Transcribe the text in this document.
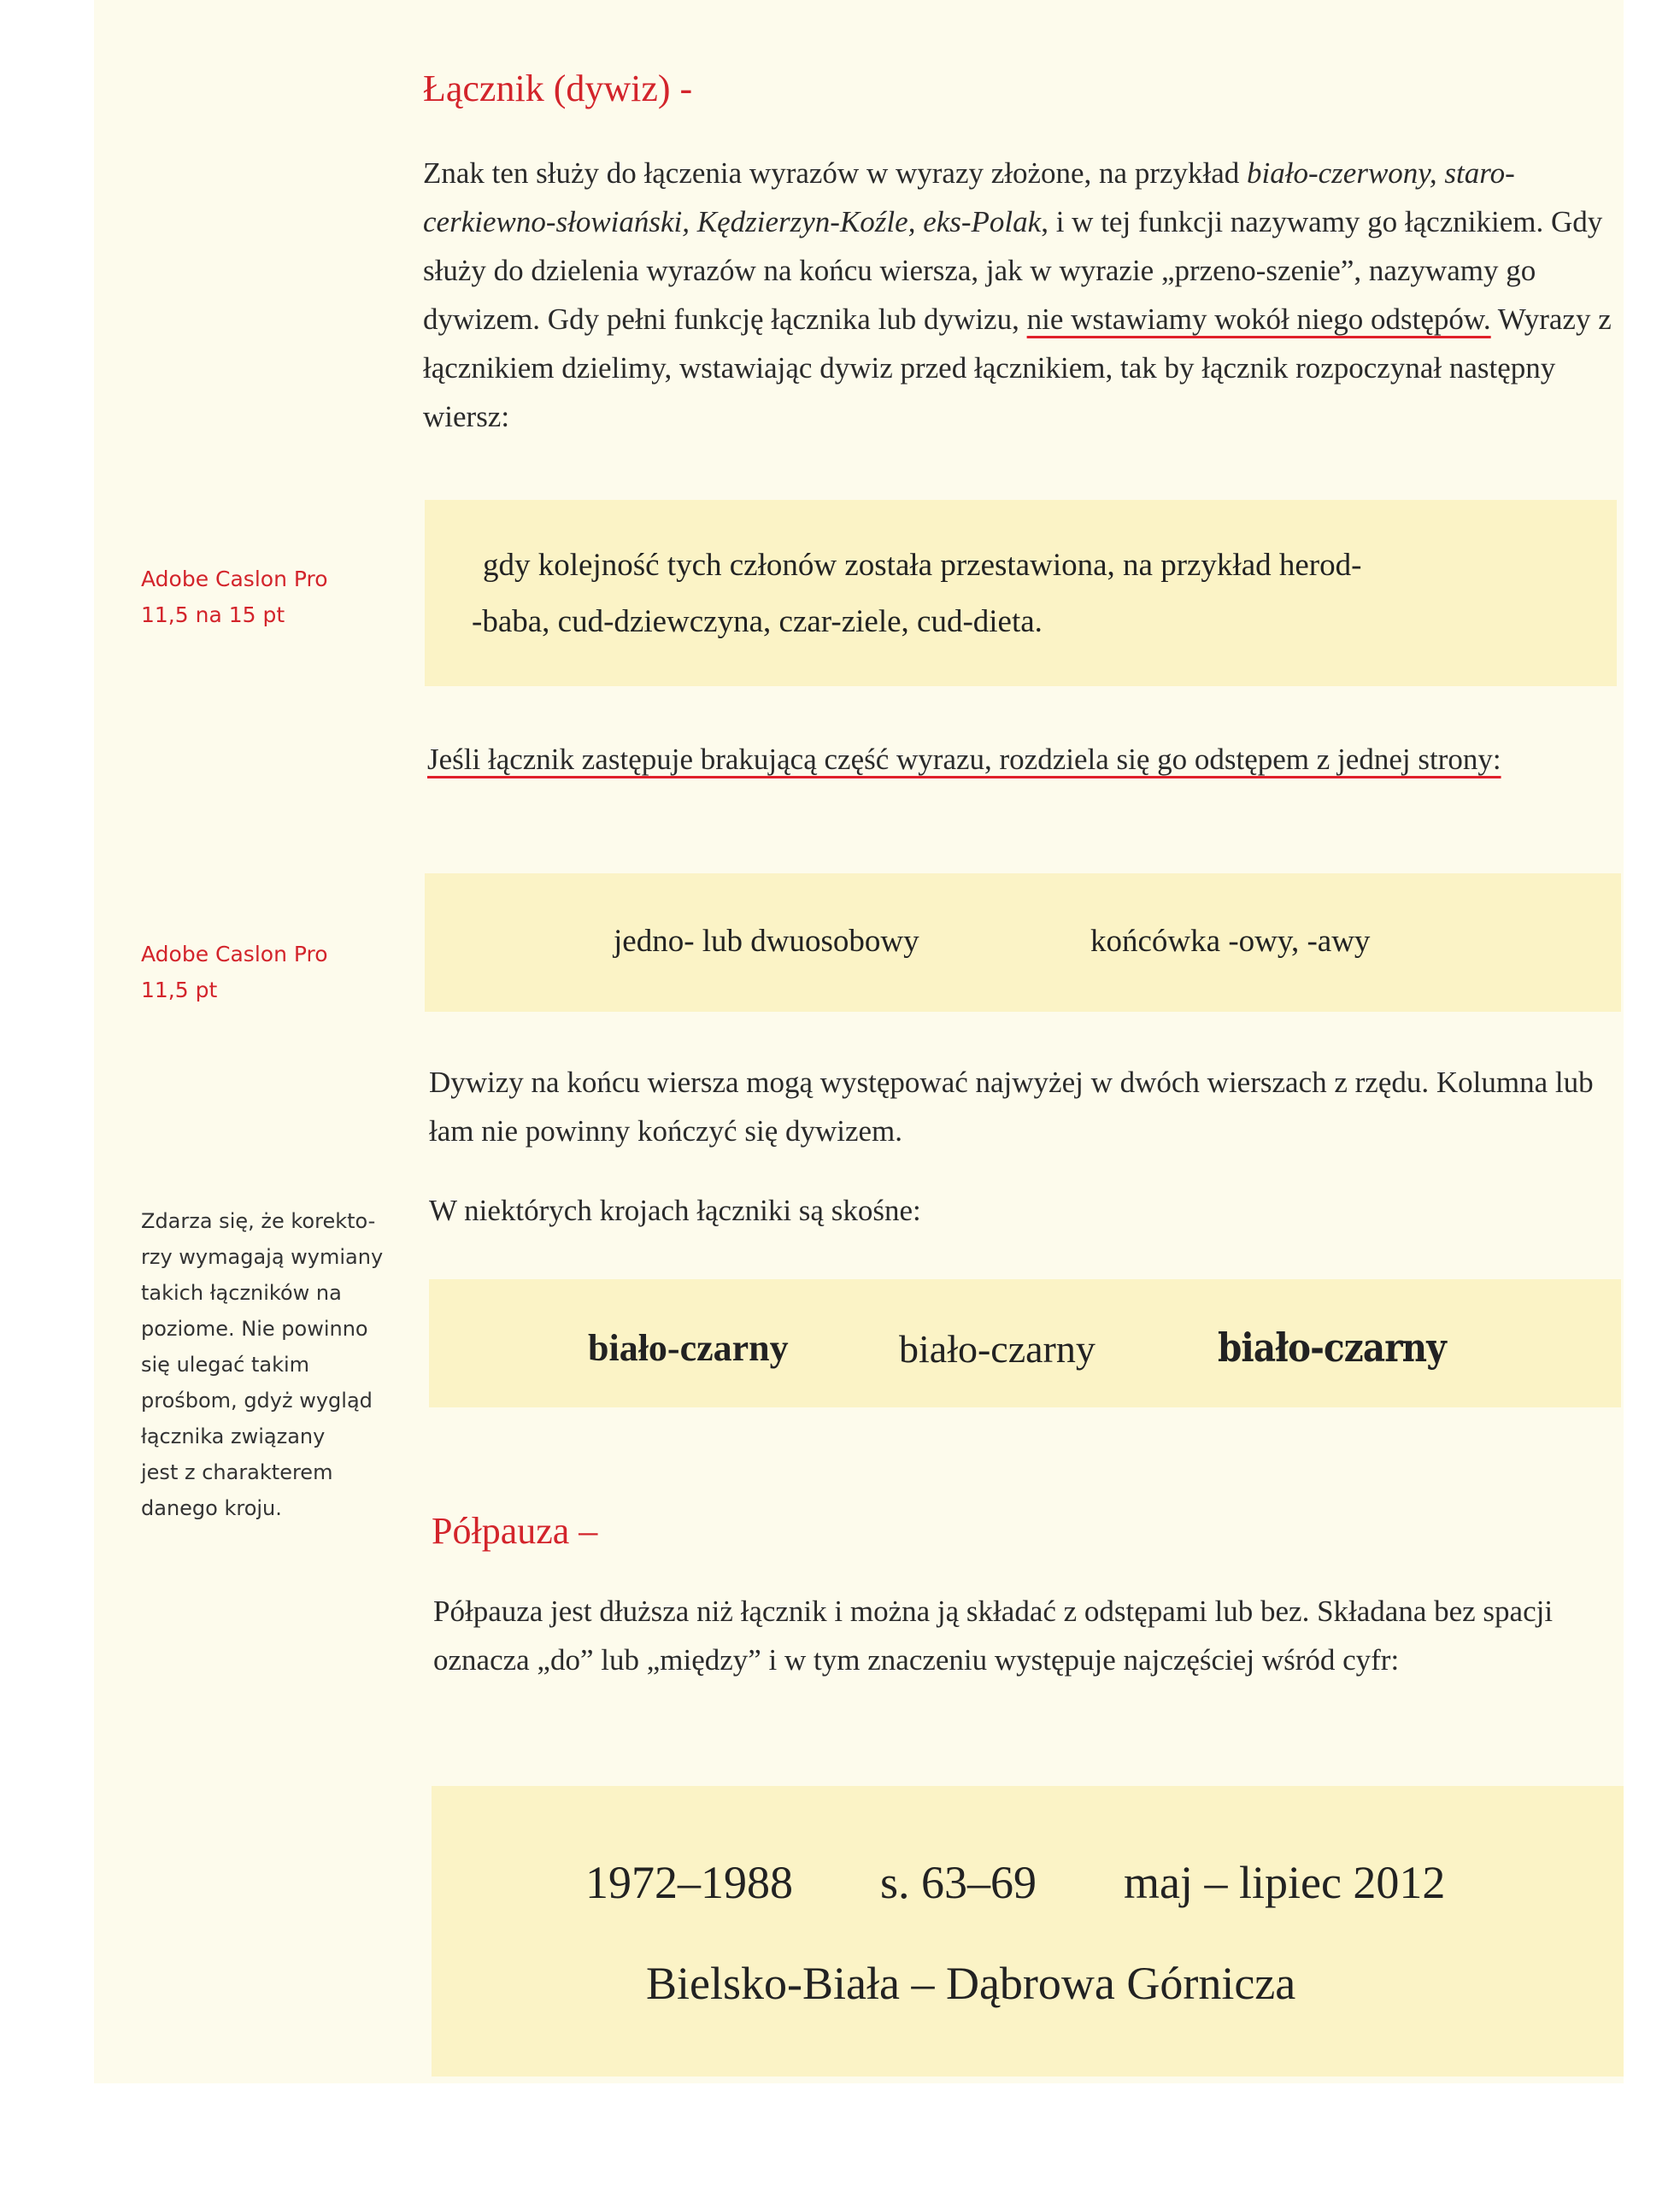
Łącznik (dywiz) -
Znak ten służy do łączenia wyrazów w wyrazy złożone, na przykład biało-czerwony, staro-cerkiewno-słowiański, Kędzierzyn-Koźle, eks-Polak, i w tej funkcji nazywamy go łącznikiem. Gdy służy do dzielenia wyrazów na końcu wiersza, jak w wyrazie „przeno-szenie”, nazywamy go dywizem. Gdy pełni funkcję łącznika lub dywizu, nie wstawiamy wokół niego odstępów. Wyrazy z łącznikiem dzielimy, wstawiając dywiz przed łącznikiem, tak by łącznik rozpoczynał następny wiersz:
gdy kolejność tych członów została przestawiona, na przykład herod-
-baba, cud-dziewczyna, czar-ziele, cud-dieta.
Jeśli łącznik zastępuje brakującą część wyrazu, rozdziela się go odstępem z jednej strony:
jedno- lub dwuosobowy	końcówka -owy, -awy
Dywizy na końcu wiersza mogą występować najwyżej w dwóch wierszach z rzędu. Kolumna lub łam nie powinny kończyć się dywizem.
W niektórych krojach łączniki są skośne:
biało-czarny	biało-czarny	biało-czarny
Półpauza –
Półpauza jest dłuższa niż łącznik i można ją składać z odstępami lub bez. Składana bez spacji oznacza „do” lub „między” i w tym znaczeniu występuje najczęściej wśród cyfr:
1972–1988 s. 63–69 maj – lipiec 2012
Bielsko-Biała – Dąbrowa Górnicza
Adobe Caslon Pro
11,5 na 15 pt
Adobe Caslon Pro
11,5 pt
Zdarza się, że korekto-
rzy wymagają wymiany
takich łączników na
poziome. Nie powinno
się ulegać takim
prośbom, gdyż wygląd
łącznika związany
jest z charakterem
danego kroju.
